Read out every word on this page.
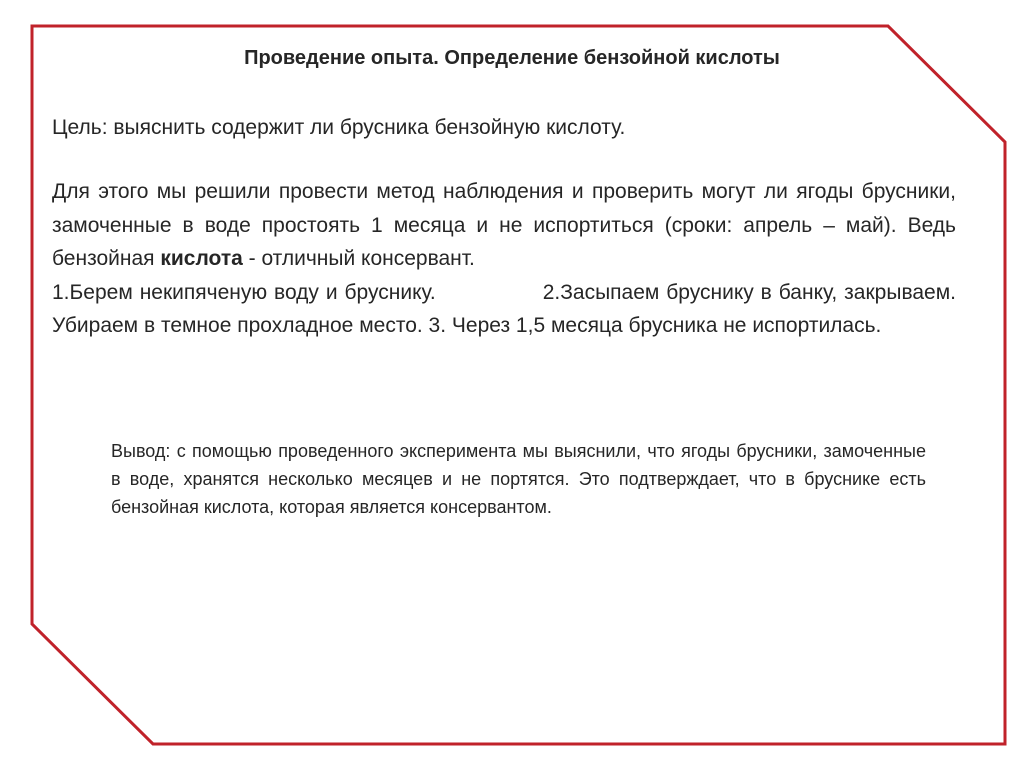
Проведение опыта. Определение бензойной кислоты

Цель: выяснить содержит ли брусника бензойную кислоту.

Для этого мы решили провести метод наблюдения и проверить могут ли ягоды брусники, замоченные в воде простоять 1 месяца и не испортиться (сроки: апрель – май). Ведь бензойная кислота - отличный консервант.

1.Берем некипяченую воду и бруснику.	2.Засыпаем бруснику в банку, закрываем. Убираем в темное прохладное место. 3. Через 1,5 месяца брусника не испортилась.

Вывод: с помощью проведенного эксперимента мы выяснили, что ягоды брусники, замоченные в воде, хранятся несколько месяцев и не портятся. Это подтверждает, что в бруснике есть бензойная кислота, которая является консервантом.
